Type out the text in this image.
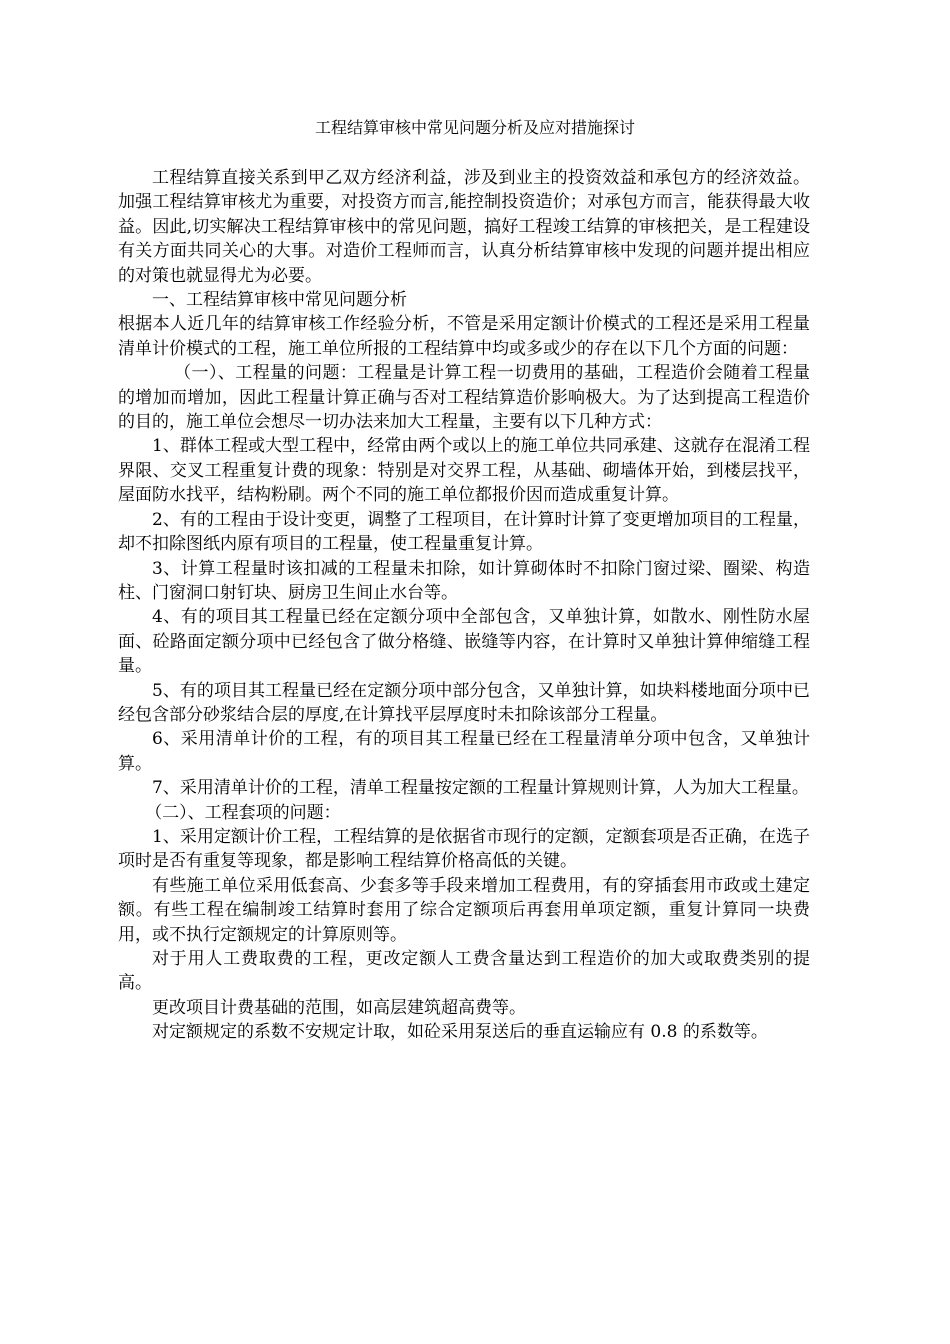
工程结算审核中常见问题分析及应对措施探讨

工程结算直接关系到甲乙双方经济利益，涉及到业主的投资效益和承包方的经济效益。加强工程结算审核尤为重要，对投资方而言,能控制投资造价；对承包方而言，能获得最大收益。因此,切实解决工程结算审核中的常见问题，搞好工程竣工结算的审核把关，是工程建设有关方面共同关心的大事。对造价工程师而言，认真分析结算审核中发现的问题并提出相应的对策也就显得尤为必要。

一、工程结算审核中常见问题分析

根据本人近几年的结算审核工作经验分析，不管是采用定额计价模式的工程还是采用工程量清单计价模式的工程，施工单位所报的工程结算中均或多或少的存在以下几个方面的问题：

（一）、工程量的问题：工程量是计算工程一切费用的基础，工程造价会随着工程量的增加而增加，因此工程量计算正确与否对工程结算造价影响极大。为了达到提高工程造价的目的，施工单位会想尽一切办法来加大工程量，主要有以下几种方式：

1、群体工程或大型工程中，经常由两个或以上的施工单位共同承建、这就存在混淆工程界限、交叉工程重复计费的现象：特别是对交界工程，从基础、砌墙体开始，到楼层找平，屋面防水找平，结构粉刷。两个不同的施工单位都报价因而造成重复计算。

2、有的工程由于设计变更，调整了工程项目，在计算时计算了变更增加项目的工程量，却不扣除图纸内原有项目的工程量，使工程量重复计算。

3、计算工程量时该扣减的工程量未扣除，如计算砌体时不扣除门窗过梁、圈梁、构造柱、门窗洞口射钉块、厨房卫生间止水台等。

4、有的项目其工程量已经在定额分项中全部包含，又单独计算，如散水、刚性防水屋面、砼路面定额分项中已经包含了做分格缝、嵌缝等内容，在计算时又单独计算伸缩缝工程量。

5、有的项目其工程量已经在定额分项中部分包含，又单独计算，如块料楼地面分项中已经包含部分砂浆结合层的厚度,在计算找平层厚度时未扣除该部分工程量。

6、采用清单计价的工程，有的项目其工程量已经在工程量清单分项中包含，又单独计算。

7、采用清单计价的工程，清单工程量按定额的工程量计算规则计算，人为加大工程量。

（二）、工程套项的问题：

1、采用定额计价工程，工程结算的是依据省市现行的定额，定额套项是否正确，在选子项时是否有重复等现象，都是影响工程结算价格高低的关键。

有些施工单位采用低套高、少套多等手段来增加工程费用，有的穿插套用市政或土建定额。有些工程在编制竣工结算时套用了综合定额项后再套用单项定额，重复计算同一块费用，或不执行定额规定的计算原则等。

对于用人工费取费的工程，更改定额人工费含量达到工程造价的加大或取费类别的提高。

更改项目计费基础的范围，如高层建筑超高费等。

对定额规定的系数不安规定计取，如砼采用泵送后的垂直运输应有 0.8 的系数等。
